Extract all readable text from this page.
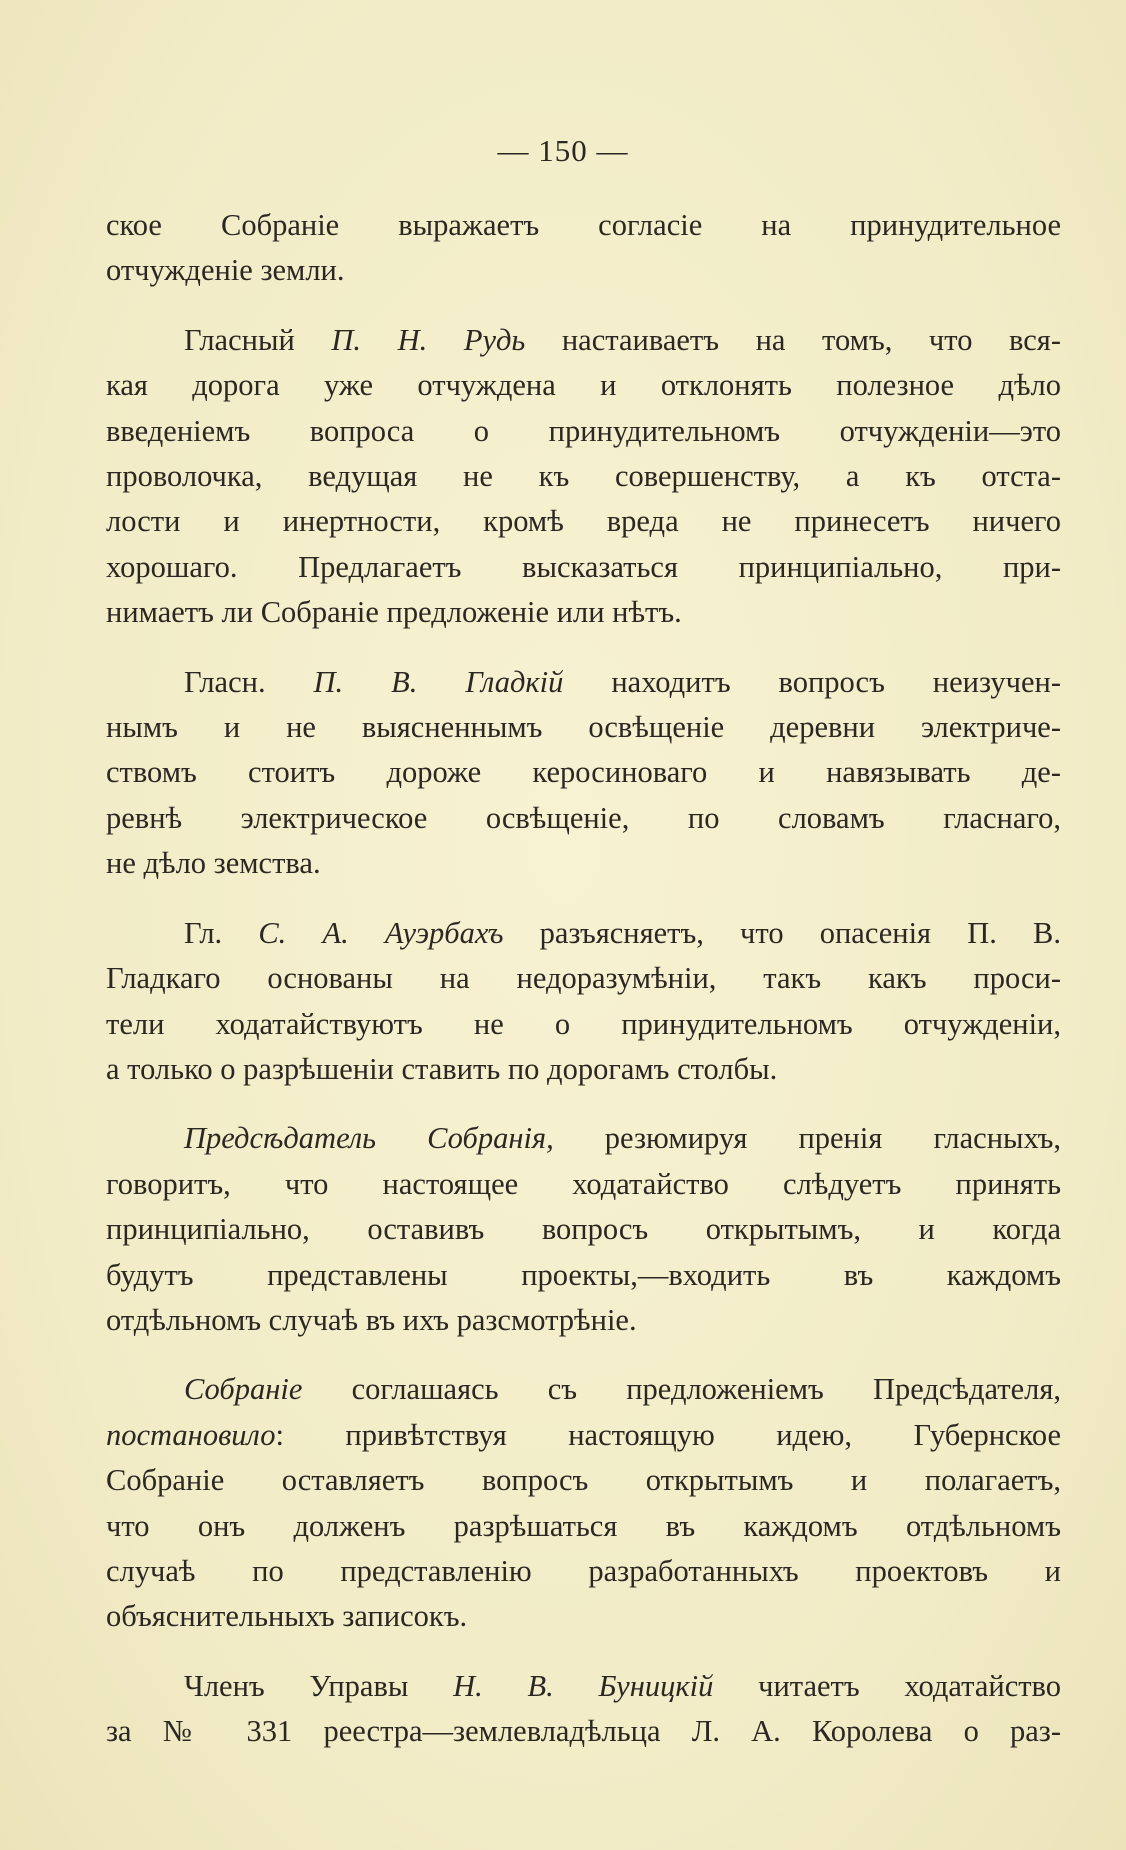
— 150 —
ское Собраніе выражаетъ согласіе на принудительное
отчужденіе земли.
Гласный П. Н. Рудь настаиваетъ на томъ, что вся-
кая дорога уже отчуждена и отклонять полезное дѣло
введеніемъ вопроса о принудительномъ отчужденіи—это
проволочка, ведущая не къ совершенству, а къ отста-
лости и инертности, кромѣ вреда не принесетъ ничего
хорошаго. Предлагаетъ высказаться принципіально, при-
нимаетъ ли Собраніе предложеніе или нѣтъ.
Гласн. П. В. Гладкій находитъ вопросъ неизучен-
нымъ и не выясненнымъ освѣщеніе деревни электриче-
ствомъ стоитъ дороже керосиноваго и навязывать де-
ревнѣ электрическое освѣщеніе, по словамъ гласнаго,
не дѣло земства.
Гл. С. А. Ауэрбахъ разъясняетъ, что опасенія П. В.
Гладкаго основаны на недоразумѣніи, такъ какъ проси-
тели ходатайствуютъ не о принудительномъ отчужденіи,
а только о разрѣшеніи ставить по дорогамъ столбы.
Предсѣдатель Собранія, резюмируя пренія гласныхъ,
говоритъ, что настоящее ходатайство слѣдуетъ принять
принципіально, оставивъ вопросъ открытымъ, и когда
будутъ представлены проекты,—входить въ каждомъ
отдѣльномъ случаѣ въ ихъ разсмотрѣніе.
Собраніе соглашаясь съ предложеніемъ Предсѣдателя,
постановило: привѣтствуя настоящую идею, Губернское
Собраніе оставляетъ вопросъ открытымъ и полагаетъ,
что онъ долженъ разрѣшаться въ каждомъ отдѣльномъ
случаѣ по представленію разработанныхъ проектовъ и
объяснительныхъ записокъ.
Членъ Управы Н. В. Буницкій читаетъ ходатайство
за № 331 реестра—землевладѣльца Л. А. Королева о раз-
